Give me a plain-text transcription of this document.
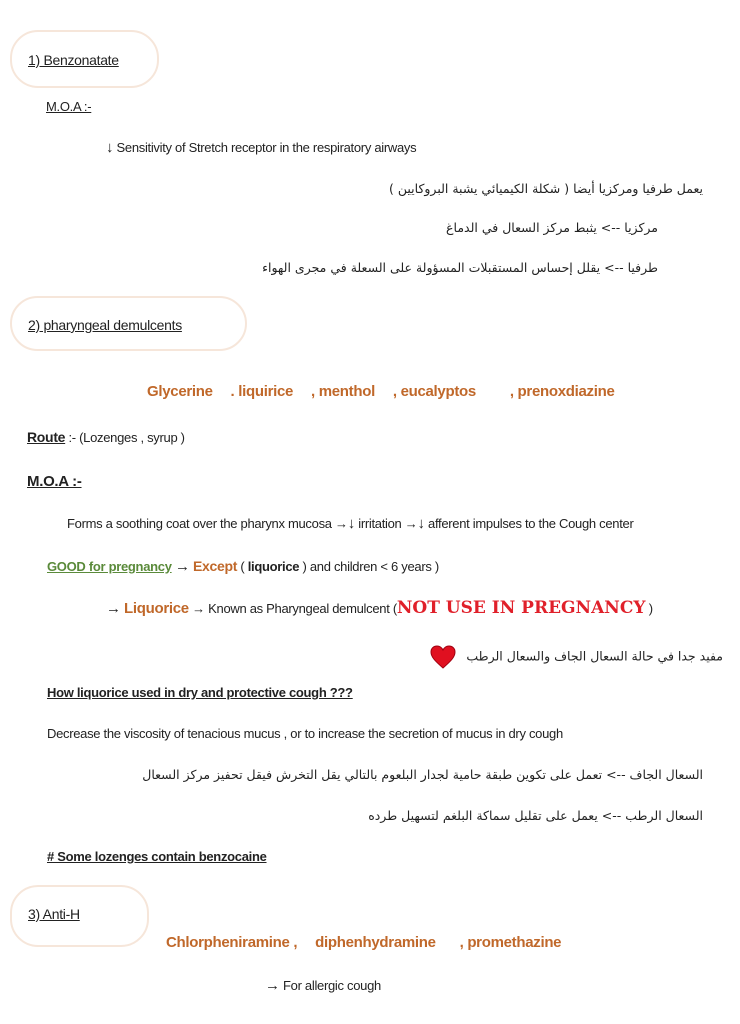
1) Benzonatate
M.O.A :-
↓ Sensitivity of Stretch receptor in the respiratory airways
يعمل طرفيا ومركزيا أيضا ( شكلة الكيميائي يشبة البروكايين )
مركزيا --> يثبط مركز السعال في الدماغ
طرفيا --> يقلل إحساس المستقبلات المسؤولة على السعلة في مجرى الهواء
2) pharyngeal demulcents
Glycerine . liquirice , menthol , eucalyptos , prenoxdiazine
Route :- (Lozenges , syrup )
M.O.A :-
Forms a soothing coat over the pharynx mucosa →↓ irritation →↓ afferent impulses to the Cough center
GOOD for pregnancy → Except ( liquorice ) and children < 6 years )
→ Liquorice → Known as Pharyngeal demulcent (NOT USE IN PREGNANCY )
مفيد جدا في حالة السعال الجاف والسعال الرطب
How liquorice used in dry and protective cough ???
Decrease the viscosity of tenacious mucus , or to increase the secretion of mucus in dry cough
السعال الجاف --> تعمل على تكوين طبقة حامية لجدار البلعوم بالتالي يقل التخرش فيقل تحفيز مركز السعال
السعال الرطب --> يعمل على تقليل سماكة البلغم لتسهيل طرده
# Some lozenges contain benzocaine
3) Anti-H
Chlorpheniramine , diphenhydramine , promethazine
→ For allergic cough
